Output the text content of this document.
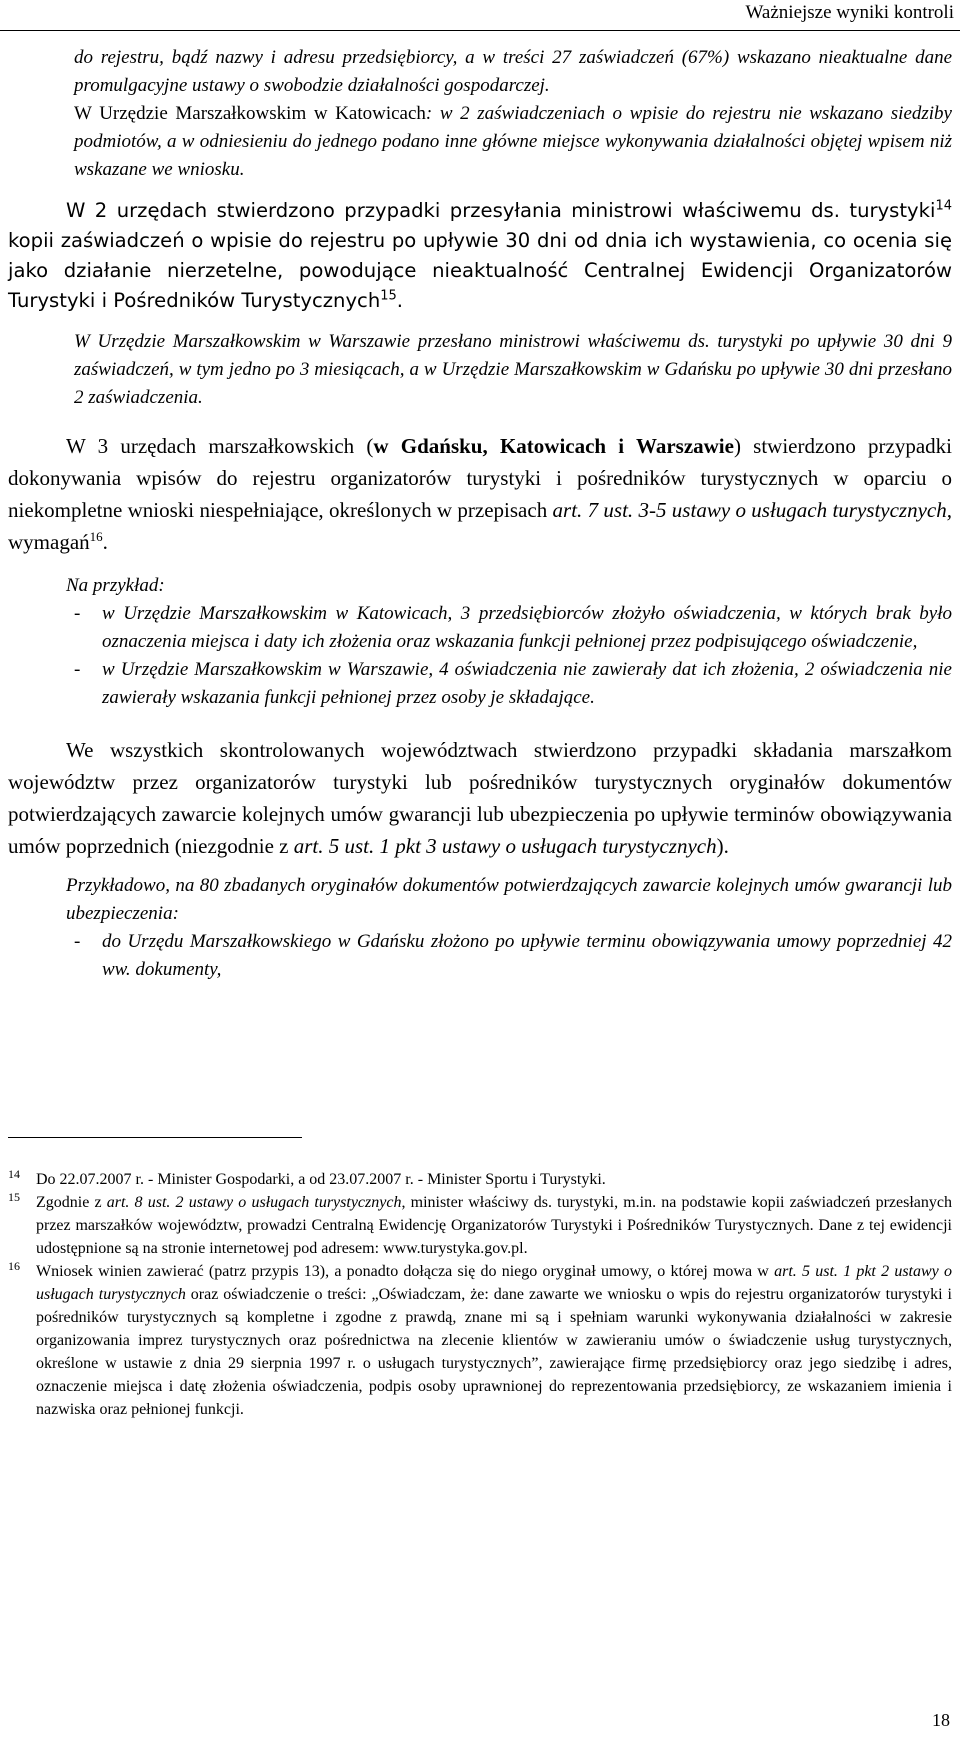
Ważniejsze wyniki kontroli

do rejestru, bądź nazwy i adresu przedsiębiorcy, a w treści 27 zaświadczeń (67%) wskazano nieaktualne dane promulgacyjne ustawy o swobodzie działalności gospodarczej.
W Urzędzie Marszałkowskim w Katowicach: w 2 zaświadczeniach o wpisie do rejestru nie wskazano siedziby podmiotów, a w odniesieniu do jednego podano inne główne miejsce wykonywania działalności objętej wpisem niż wskazane we wniosku.

W 2 urzędach stwierdzono przypadki przesyłania ministrowi właściwemu ds. turystyki$^{14}$ kopii zaświadczeń o wpisie do rejestru po upływie 30 dni od dnia ich wystawienia, co ocenia się jako działanie nierzetelne, powodujące nieaktualność Centralnej Ewidencji Organizatorów Turystyki i Pośredników Turystycznych$^{15}$.

W Urzędzie Marszałkowskim w Warszawie przesłano ministrowi właściwemu ds. turystyki po upływie 30 dni 9 zaświadczeń, w tym jedno po 3 miesiącach, a w Urzędzie Marszałkowskim w Gdańsku po upływie 30 dni przesłano 2 zaświadczenia.

W 3 urzędach marszałkowskich (w Gdańsku, Katowicach i Warszawie) stwierdzono przypadki dokonywania wpisów do rejestru organizatorów turystyki i pośredników turystycznych w oparciu o niekompletne wnioski niespełniające, określonych w przepisach art. 7 ust. 3-5 ustawy o usługach turystycznych, wymagań$^{16}$.

Na przykład:
- w Urzędzie Marszałkowskim w Katowicach, 3 przedsiębiorców złożyło oświadczenia, w których brak było oznaczenia miejsca i daty ich złożenia oraz wskazania funkcji pełnionej przez podpisującego oświadczenie,
- w Urzędzie Marszałkowskim w Warszawie, 4 oświadczenia nie zawierały dat ich złożenia, 2 oświadczenia nie zawierały wskazania funkcji pełnionej przez osoby je składające.

We wszystkich skontrolowanych województwach stwierdzono przypadki składania marszałkom województw przez organizatorów turystyki lub pośredników turystycznych oryginałów dokumentów potwierdzających zawarcie kolejnych umów gwarancji lub ubezpieczenia po upływie terminów obowiązywania umów poprzednich (niezgodnie z art. 5 ust. 1 pkt 3 ustawy o usługach turystycznych).

Przykładowo, na 80 zbadanych oryginałów dokumentów potwierdzających zawarcie kolejnych umów gwarancji lub ubezpieczenia:
- do Urzędu Marszałkowskiego w Gdańsku złożono po upływie terminu obowiązywania umowy poprzedniej 42 ww. dokumenty,
14 Do 22.07.2007 r. - Minister Gospodarki, a od 23.07.2007 r. - Minister Sportu i Turystyki.
15 Zgodnie z art. 8 ust. 2 ustawy o usługach turystycznych, minister właściwy ds. turystyki, m.in. na podstawie kopii zaświadczeń przesłanych przez marszałków województw, prowadzi Centralną Ewidencję Organizatorów Turystyki i Pośredników Turystycznych. Dane z tej ewidencji udostępnione są na stronie internetowej pod adresem: www.turystyka.gov.pl.
16 Wniosek winien zawierać (patrz przypis 13), a ponadto dołącza się do niego oryginał umowy, o której mowa w art. 5 ust. 1 pkt 2 ustawy o usługach turystycznych oraz oświadczenie o treści: „Oświadczam, że: dane zawarte we wniosku o wpis do rejestru organizatorów turystyki i pośredników turystycznych są kompletne i zgodne z prawdą, znane mi są i spełniam warunki wykonywania działalności w zakresie organizowania imprez turystycznych oraz pośrednictwa na zlecenie klientów w zawieraniu umów o świadczenie usług turystycznych, określone w ustawie z dnia 29 sierpnia 1997 r. o usługach turystycznych”, zawierające firmę przedsiębiorcy oraz jego siedzibę i adres, oznaczenie miejsca i datę złożenia oświadczenia, podpis osoby uprawnionej do reprezentowania przedsiębiorcy, ze wskazaniem imienia i nazwiska oraz pełnionej funkcji.
18
